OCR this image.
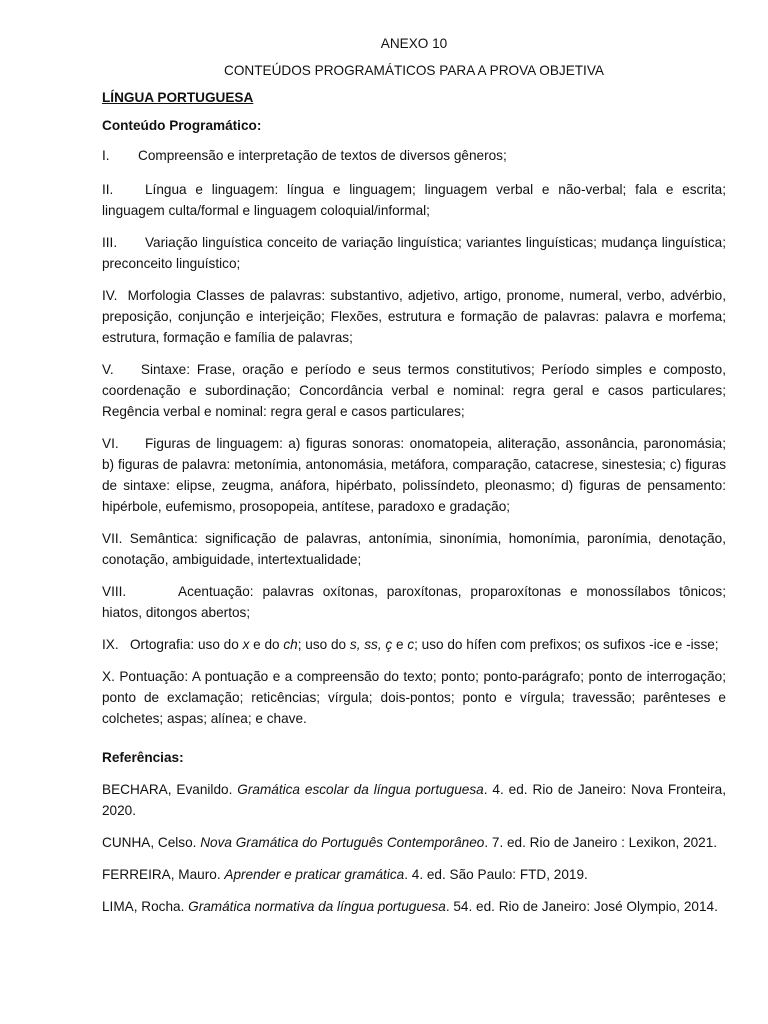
ANEXO 10

CONTEÚDOS PROGRAMÁTICOS PARA A PROVA OBJETIVA

LÍNGUA PORTUGUESA

Conteúdo Programático:

I. Compreensão e interpretação de textos de diversos gêneros;

II. Língua e linguagem: língua e linguagem; linguagem verbal e não-verbal; fala e escrita; linguagem culta/formal e linguagem coloquial/informal;

III. Variação linguística conceito de variação linguística; variantes linguísticas; mudança linguística; preconceito linguístico;

IV. Morfologia Classes de palavras: substantivo, adjetivo, artigo, pronome, numeral, verbo, advérbio, preposição, conjunção e interjeição; Flexões, estrutura e formação de palavras: palavra e morfema; estrutura, formação e família de palavras;

V. Sintaxe: Frase, oração e período e seus termos constitutivos; Período simples e composto, coordenação e subordinação; Concordância verbal e nominal: regra geral e casos particulares; Regência verbal e nominal: regra geral e casos particulares;

VI. Figuras de linguagem: a) figuras sonoras: onomatopeia, aliteração, assonância, paronomásia; b) figuras de palavra: metonímia, antonomásia, metáfora, comparação, catacrese, sinestesia; c) figuras de sintaxe: elipse, zeugma, anáfora, hipérbato, polissíndeto, pleonasmo; d) figuras de pensamento: hipérbole, eufemismo, prosopopeia, antítese, paradoxo e gradação;

VII. Semântica: significação de palavras, antonímia, sinonímia, homonímia, paronímia, denotação, conotação, ambiguidade, intertextualidade;

VIII.	Acentuação: palavras oxítonas, paroxítonas, proparoxítonas e monossílabos tônicos; hiatos, ditongos abertos;

IX. Ortografia: uso do x e do ch; uso do s, ss, ç e c; uso do hífen com prefixos; os sufixos -ice e -isse;

X. Pontuação: A pontuação e a compreensão do texto; ponto; ponto-parágrafo; ponto de interrogação; ponto de exclamação; reticências; vírgula; dois-pontos; ponto e vírgula; travessão; parênteses e colchetes; aspas; alínea; e chave.

Referências:

BECHARA, Evanildo. Gramática escolar da língua portuguesa. 4. ed. Rio de Janeiro: Nova Fronteira, 2020.

CUNHA, Celso. Nova Gramática do Português Contemporâneo. 7. ed. Rio de Janeiro : Lexikon, 2021.

FERREIRA, Mauro. Aprender e praticar gramática. 4. ed. São Paulo: FTD, 2019.

LIMA, Rocha. Gramática normativa da língua portuguesa. 54. ed. Rio de Janeiro: José Olympio, 2014.
